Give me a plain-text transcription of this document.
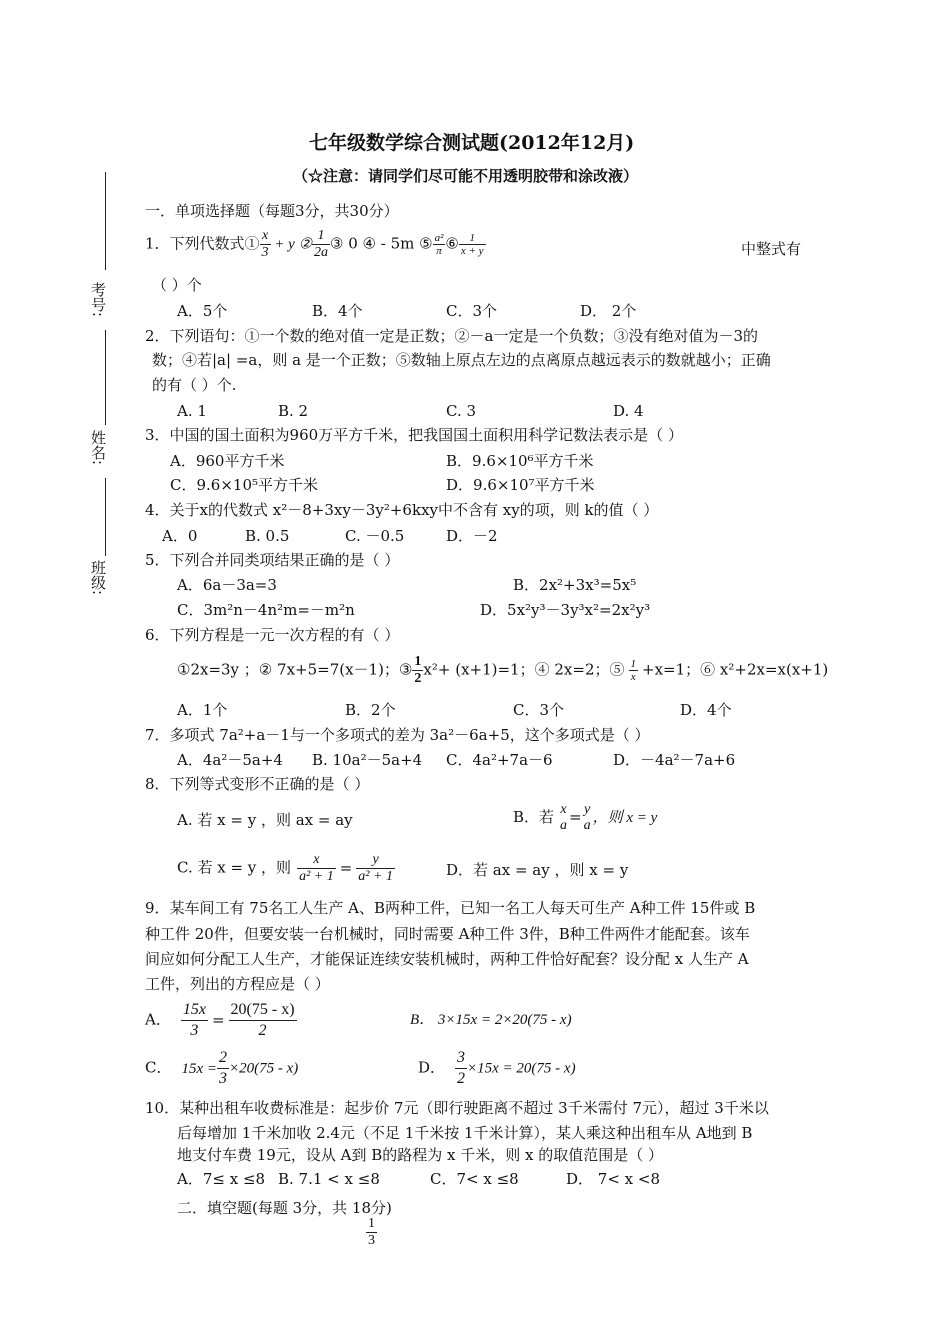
七年级数学综合测试题(2012年12月)
（☆注意：请同学们尽可能不用透明胶带和涂改液）
考号:
姓名:
班级:
一．单项选择题（每题3分，共30分）
1．下列代数式① $\frac{x}{3} + y$ ② $\frac{1}{2a}$ ③ 0 ④ - 5m ⑤ $\frac{\text{a²}}{\pi}$ ⑥ $\frac{1}{x + y}$	中整式有
（ ）个
A．5个	B．4个	C．3个	D． 2个
2．下列语句：①一个数的绝对值一定是正数；②－a一定是一个负数；③没有绝对值为－3的
数；④若|a| =a，则 a 是一个正数；⑤数轴上原点左边的点离原点越远表示的数就越小；正确
的有（ ）个.
A. 1	B. 2	C. 3	D. 4
3．中国的国土面积为960万平方千米，把我国国土面积用科学记数法表示是（ ）
A．960平方千米	B．9.6×10⁶平方千米
C．9.6×10⁵平方千米	D．9.6×10⁷平方千米
4．关于x的代数式 x²－8+3xy－3y²+6kxy中不含有 xy的项，则 k的值（ ）
A．0	B. 0.5	C. －0.5	D．－2
5．下列合并同类项结果正确的是（ ）
A．6a－3a=3	B．2x²+3x³=5x⁵
C．3m²n－4n²m=－m²n	D．5x²y³－3y³x²=2x²y³
6．下列方程是一元一次方程的有（ ）
①2x=3y ；② 7x+5=7(x－1)；③ $\frac{1}{2} x^2+ (x+1)=1$；④ 2x=2；⑤ $\frac{1}{x} +x=1$；⑥ x²+2x=x(x+1)
A．1个	B．2个	C．3个	D．4个
7．多项式 7a²+a－1与一个多项式的差为 3a²－6a+5，这个多项式是（ ）
A．4a²－5a+4 B. 10a²－5a+4 C．4a²+7a－6	D．－4a²－7a+6
8．下列等式变形不正确的是（ ）
A. 若 x = y ，则 ax = ay	B．若 x
a = y
a ，则 x = y
C. 若 x = y ，则 $\frac{x}{\text{a² + 1}} = \frac{y}{\text{a² + 1}}$	D．若 ax = ay ，则 x = y
9．某车间工有 75名工人生产 A、B两种工件，已知一名工人每天可生产 A种工件 15件或 B
种工件 20件，但要安装一台机械时，同时需要 A种工件 3件，B种工件两件才能配套。该车
间应如何分配工人生产，才能保证连续安装机械时，两种工件恰好配套？设分配 x 人生产 A
工件，列出的方程应是（ ）
A． $\frac{15x}{3} = \frac{20(75 - x)}{2}$	B． 3×15x = 2×20(75 - x)
C． $15x = \frac{2}{3} \times 20(75 - x)$	D． $\frac{3}{2} \times 15x = 20(75 - x)$
10．某种出租车收费标准是：起步价 7元（即行驶距离不超过 3千米需付 7元），超过 3千米以
后每增加 1千米加收 2.4元（不足 1千米按 1千米计算），某人乘这种出租车从 A地到 B
地支付车费 19元，设从 A到 B的路程为 x 千米，则 x 的取值范围是（ ）
A．7≤ x ≤8 B. 7.1 < x ≤8	C．7< x ≤8	D． 7< x <8
二．填空题(每题 3分，共 18分)
$\frac{1}{3}$
